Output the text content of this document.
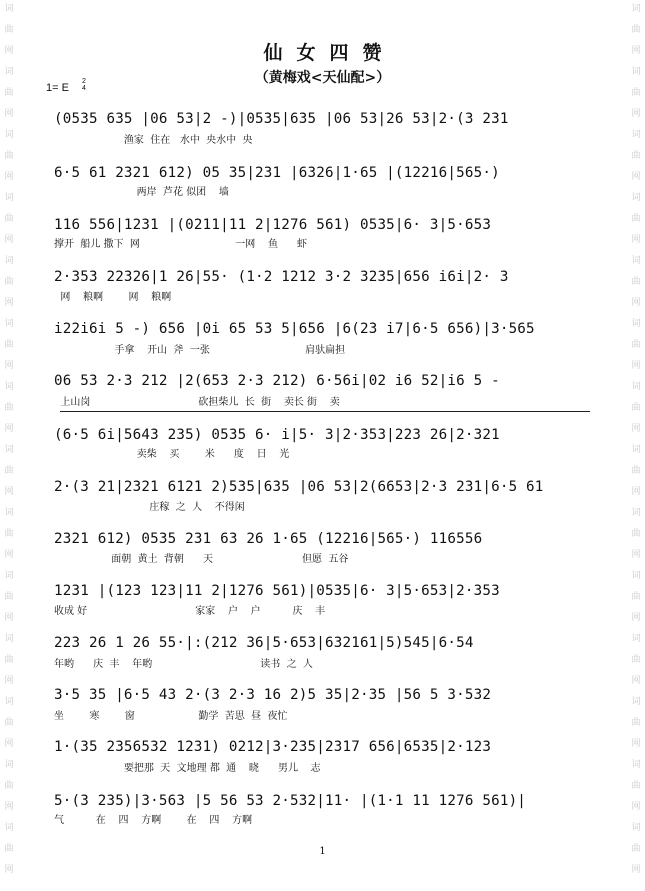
词
曲
网
词
曲
网
词
曲
网
词
曲
网
词
曲
网
词
曲
网
词
曲
网
词
曲
网
词
曲
网
词
曲
网
词
曲
网
词
曲
网
词
曲
网
词
曲
网
词
曲
网
词
曲
网
词
曲
网
词
曲
网
词
曲
网
词
曲
网
词
曲
网
词
曲
网
词
曲
网
词
曲
网
词
曲
网
词
曲
网
词
曲
网
词
曲
网
仙女四赞
（黄梅戏<天仙配>）
1= E
2
4
(0535 635 |06 53|2 -)|0535|635 |06 53|26 53|2·(3 231
渔家  住在   水中  央水中  央
6·5 61 2321 612) 05 35|231 |6326|1·65 |(12216|565·)
两岸  芦花 似团    墙
116 556|1231 |(0211|11 2|1276 561) 0535|6· 3|5·653
撑开  船儿 撒下  网                              一网    鱼      虾
2·353 22326|1 26|55· (1·2 1212 3·2 3235|656 i6i|2· 3
网    粮啊        网    粮啊
i22i6i 5 -) 656 |0i 65 53 5|656 |6(23 i7|6·5 656)|3·565
手拿    开山  斧  一张                              肩驮扁担
06 53 2·3 212 |2(653 2·3 212) 6·56i|02 i6 52|i6 5 -
上山岗                                  砍担柴儿  长  街    卖长 街    卖
(6·5 6i|5643 235) 0535 6· i|5· 3|2·353|223 26|2·321
卖柴    买        米      度    日    光
2·(3 21|2321 6121 2)535|635 |06 53|2(6653|2·3 231|6·5 61
庄稼  之  人    不得闲
2321 612) 0535 231 63 26 1·65 (12216|565·) 116556
面朝  黄土  背朝      天                            但愿  五谷
1231 |(123 123|11 2|1276 561)|0535|6· 3|5·653|2·353
收成 好                                  家家    户    户          庆    丰
223 26 1 26 55·|:(212 36|5·653|632161|5)545|6·54
年哟      庆  丰    年哟                                  读书  之  人
3·5 35 |6·5 43 2·(3 2·3 16 2)5 35|2·35 |56 5 3·532
坐        寒        窗                    勤学  苦思  昼  夜忙
1·(35 2356532 1231) 0212|3·235|2317 656|6535|2·123
要把那  天  文地理 都  通    晓      男儿    志
5·(3 235)|3·563 |5 56 53 2·532|11· |(1·1 11 1276 561)|
气          在    四    方啊        在    四    方啊
1
